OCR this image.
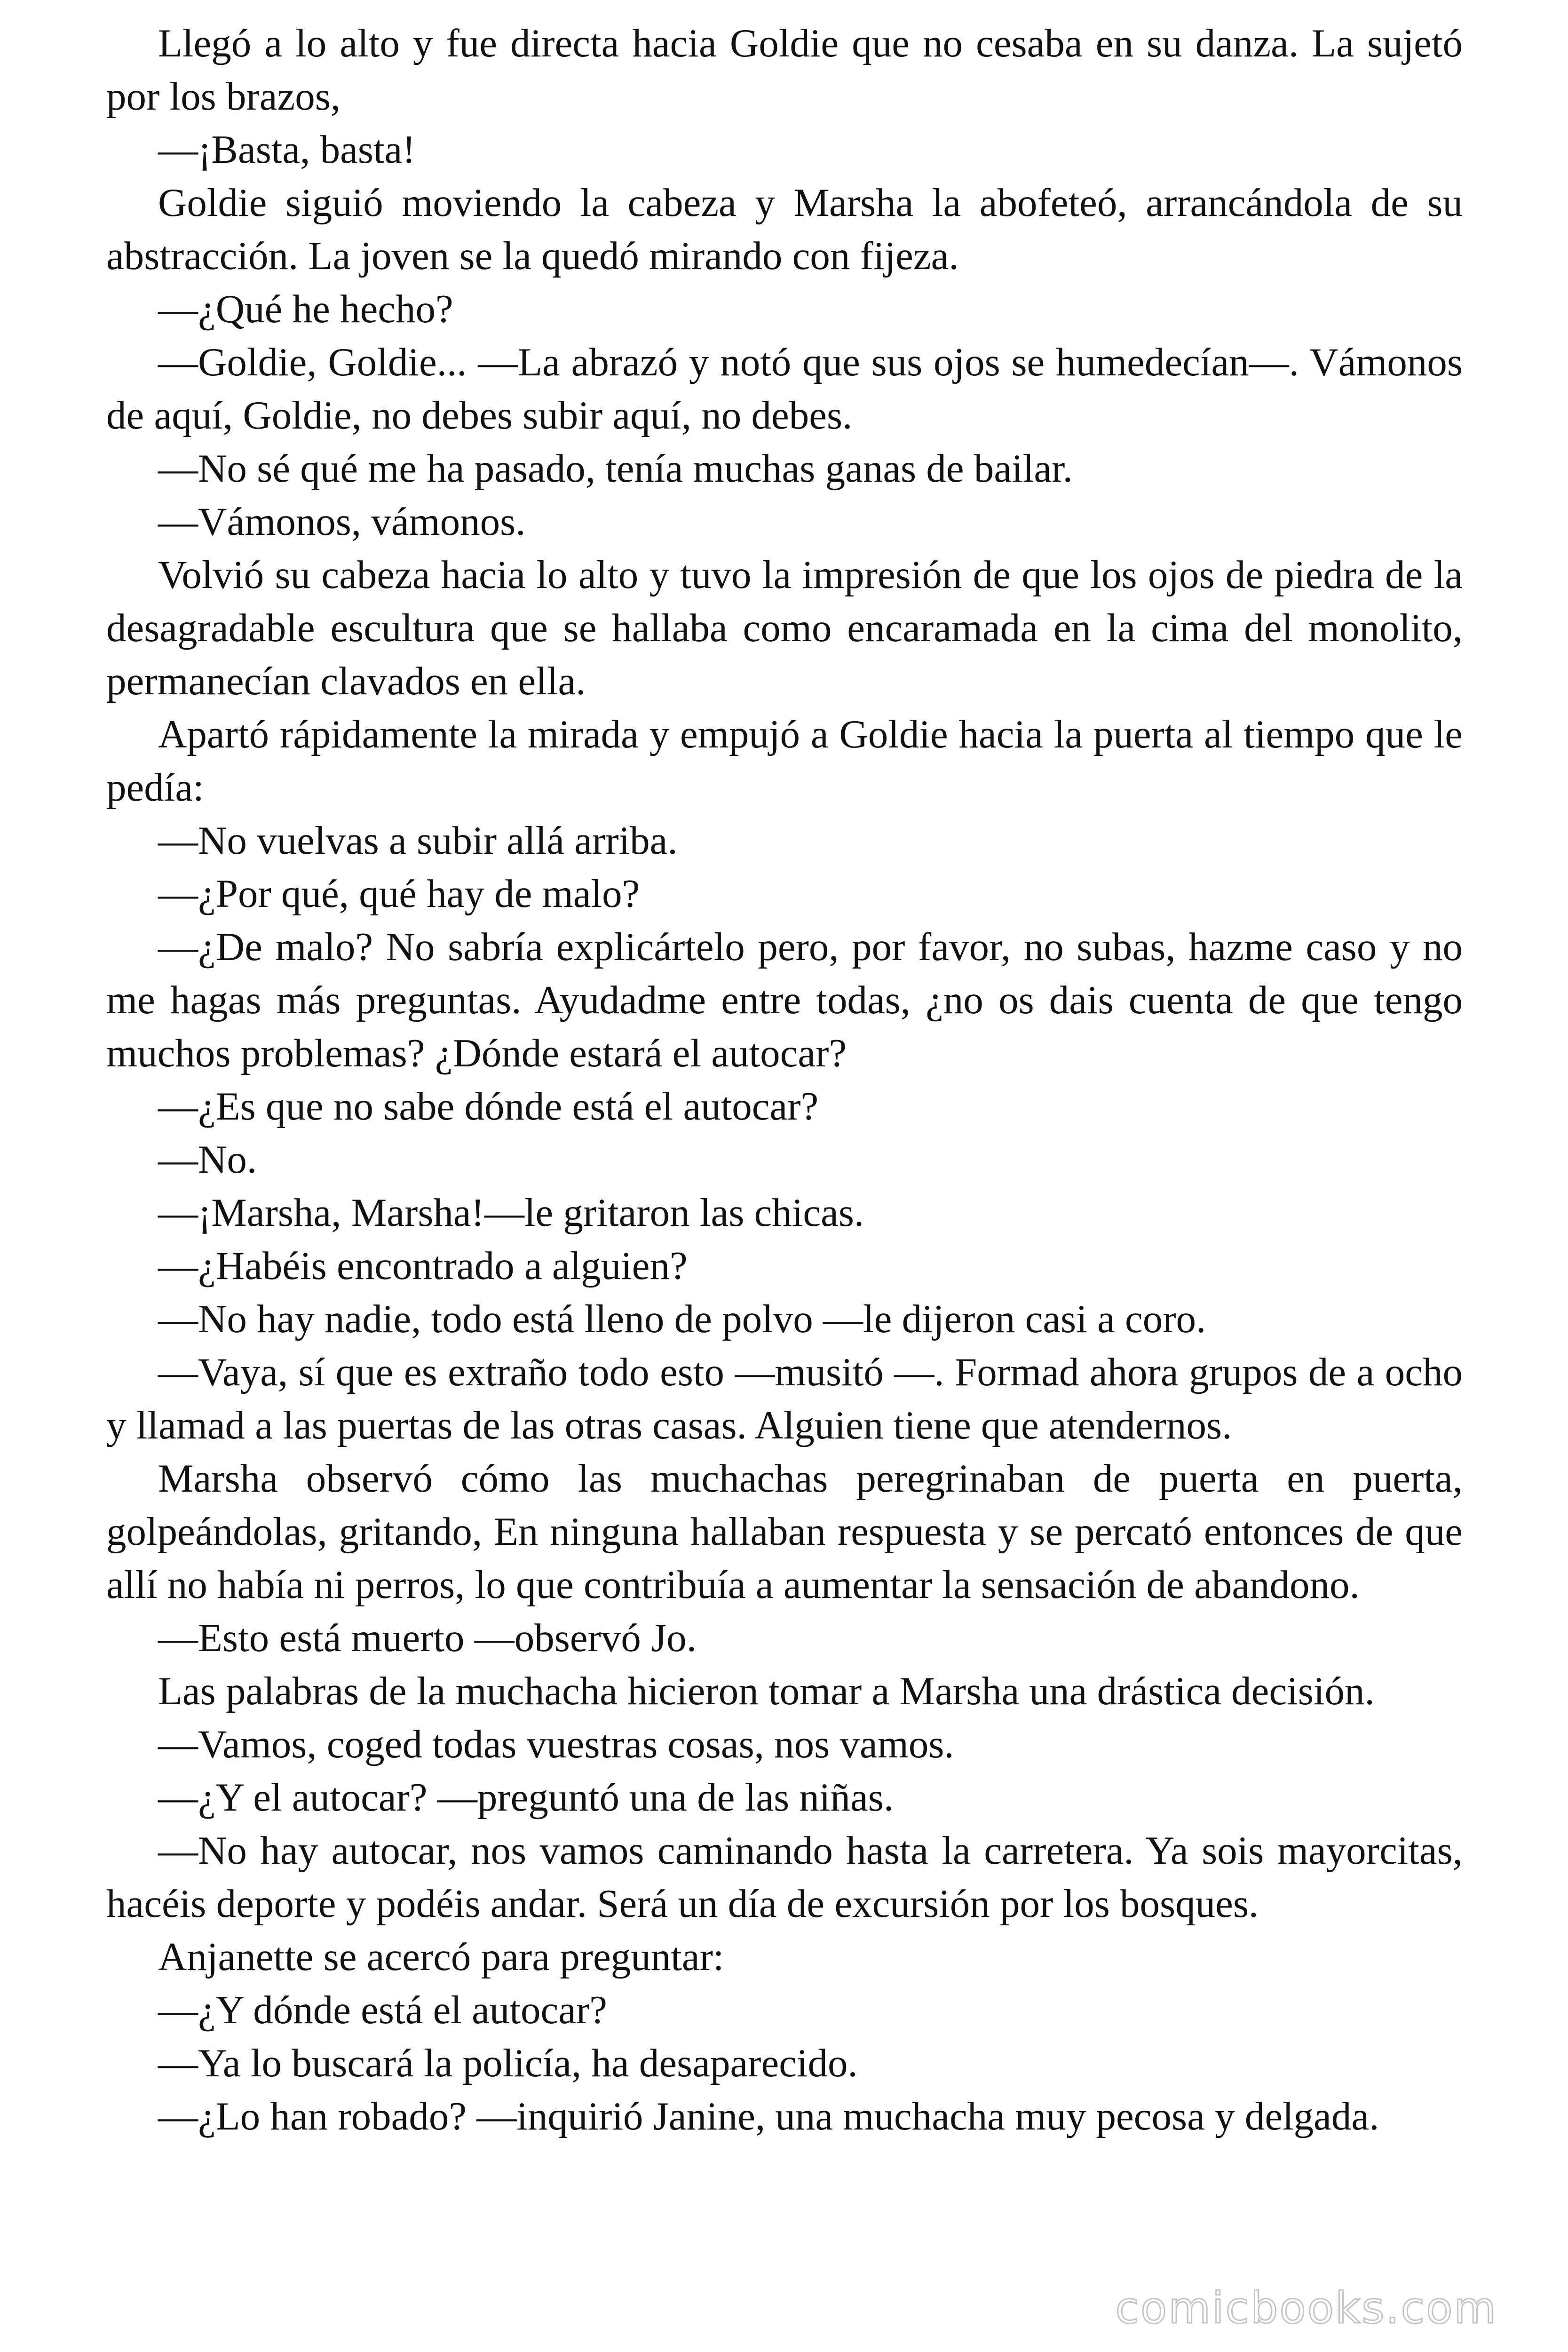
Llegó a lo alto y fue directa hacia Goldie que no cesaba en su danza. La sujetó por los brazos,

—¡Basta, basta!

Goldie siguió moviendo la cabeza y Marsha la abofeteó, arrancándola de su abstracción. La joven se la quedó mirando con fijeza.

—¿Qué he hecho?

—Goldie, Goldie... —La abrazó y notó que sus ojos se humedecían—. Vámonos de aquí, Goldie, no debes subir aquí, no debes.

—No sé qué me ha pasado, tenía muchas ganas de bailar.

—Vámonos, vámonos.

Volvió su cabeza hacia lo alto y tuvo la impresión de que los ojos de piedra de la desagradable escultura que se hallaba como encaramada en la cima del monolito, permanecían clavados en ella.

Apartó rápidamente la mirada y empujó a Goldie hacia la puerta al tiempo que le pedía:

—No vuelvas a subir allá arriba.

—¿Por qué, qué hay de malo?

—¿De malo? No sabría explicártelo pero, por favor, no subas, hazme caso y no me hagas más preguntas. Ayudadme entre todas, ¿no os dais cuenta de que tengo muchos problemas? ¿Dónde estará el autocar?

—¿Es que no sabe dónde está el autocar?

—No.

—¡Marsha, Marsha!—le gritaron las chicas.

—¿Habéis encontrado a alguien?

—No hay nadie, todo está lleno de polvo —le dijeron casi a coro.

—Vaya, sí que es extraño todo esto —musitó —. Formad ahora grupos de a ocho y llamad a las puertas de las otras casas. Alguien tiene que atendernos.

Marsha observó cómo las muchachas peregrinaban de puerta en puerta, golpeándolas, gritando, En ninguna hallaban respuesta y se percató entonces de que allí no había ni perros, lo que contribuía a aumentar la sensación de abandono.

—Esto está muerto —observó Jo.

Las palabras de la muchacha hicieron tomar a Marsha una drástica decisión.

—Vamos, coged todas vuestras cosas, nos vamos.

—¿Y el autocar? —preguntó una de las niñas.

—No hay autocar, nos vamos caminando hasta la carretera. Ya sois mayorcitas, hacéis deporte y podéis andar. Será un día de excursión por los bosques.

Anjanette se acercó para preguntar:

—¿Y dónde está el autocar?

—Ya lo buscará la policía, ha desaparecido.

—¿Lo han robado? —inquirió Janine, una muchacha muy pecosa y delgada.

comicbooks.com
